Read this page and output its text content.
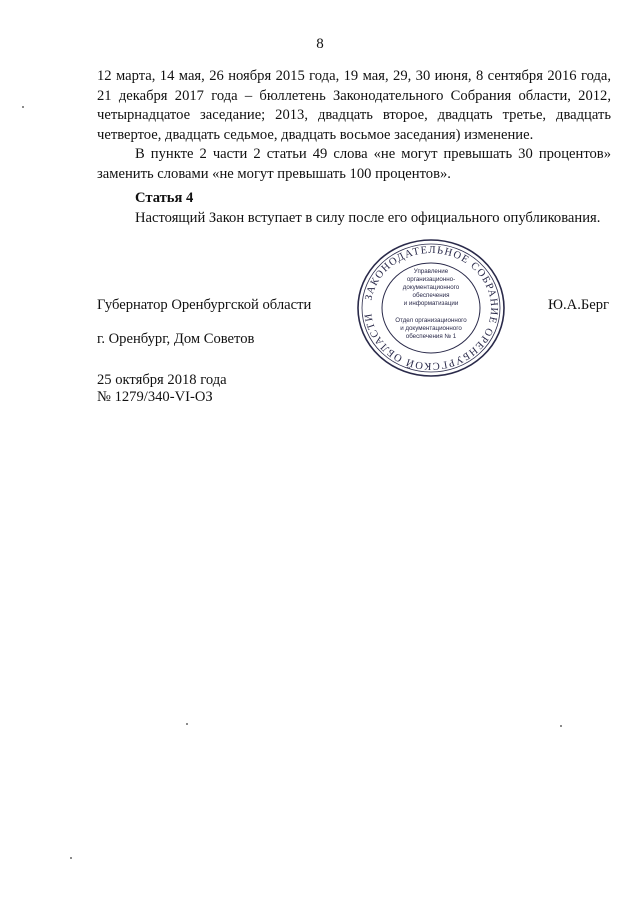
8

12 марта, 14 мая, 26 ноября 2015 года, 19 мая, 29, 30 июня, 8 сентября 2016 года, 21 декабря 2017 года – бюллетень Законодательного Собрания области, 2012, четырнадцатое заседание; 2013, двадцать второе, двадцать третье, двадцать четвертое, двадцать седьмое, двадцать восьмое заседания) изменение.

В пункте 2 части 2 статьи 49 слова «не могут превышать 30 процентов» заменить словами «не могут превышать 100 процентов».

Статья 4

Настоящий Закон вступает в силу после его официального опубликования.

Губернатор Оренбургской области	Ю.А.Берг
г. Оренбург, Дом Советов
25 октября 2018 года
№ 1279/340-VI-ОЗ
ЗАКОНОДАТЕЛЬНОЕ СОБРАНИЕ ОРЕНБУРГСКОЙ ОБЛАСТИ
Управление
организационно-
документационного
обеспечения
и информатизации
Отдел организационного
и документационного
обеспечения № 1
